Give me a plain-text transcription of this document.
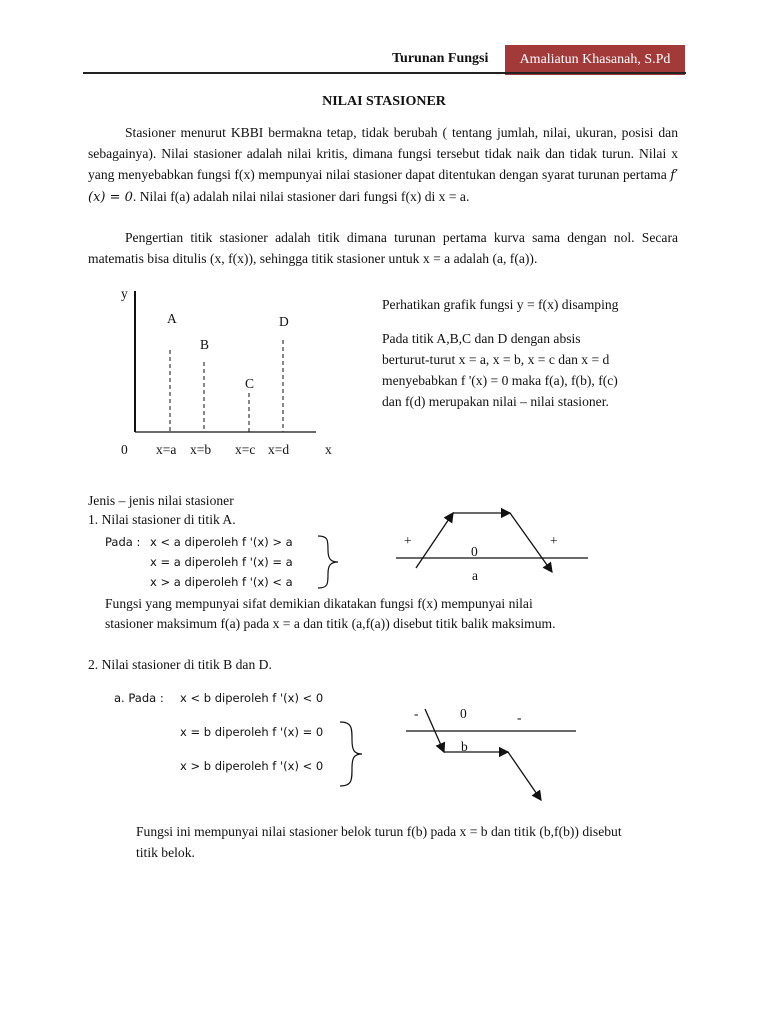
Turunan Fungsi	Amaliatun Khasanah, S.Pd
NILAI STASIONER
Stasioner menurut KBBI bermakna tetap, tidak berubah ( tentang jumlah, nilai, ukuran, posisi dan sebagainya). Nilai stasioner adalah nilai kritis, dimana fungsi tersebut tidak naik dan tidak turun. Nilai x yang menyebabkan fungsi f(x) mempunyai nilai stasioner dapat ditentukan dengan syarat turunan pertama f′(x) = 0. Nilai f(a) adalah nilai nilai stasioner dari fungsi f(x) di x = a.
Pengertian titik stasioner adalah titik dimana turunan pertama kurva sama dengan nol. Secara matematis bisa ditulis (x, f(x)), sehingga titik stasioner untuk x = a adalah (a, f(a)).
y
x
0
A
B
C
D
x=a x=b x=c x=d
+	+
0
a
-	-
0
b
Perhatikan grafik fungsi y = f(x) disamping
Pada titik A,B,C dan D dengan absis
berturut-turut x = a, x = b, x = c dan x = d
menyebabkan f '(x) = 0 maka f(a), f(b), f(c)
dan f(d) merupakan nilai – nilai stasioner.
Jenis – jenis nilai stasioner
1. Nilai stasioner di titik A.
Pada : x < a diperoleh f '(x) > a
x = a diperoleh f '(x) = a
x > a diperoleh f '(x) < a
Fungsi yang mempunyai sifat demikian dikatakan fungsi f(x) mempunyai nilai
stasioner maksimum f(a) pada x = a dan titik (a,f(a)) disebut titik balik maksimum.
2. Nilai stasioner di titik B dan D.
a. Pada : x < b diperoleh f '(x) < 0
x = b diperoleh f '(x) = 0
x > b diperoleh f '(x) < 0
Fungsi ini mempunyai nilai stasioner belok turun f(b) pada x = b dan titik (b,f(b)) disebut
titik belok.
